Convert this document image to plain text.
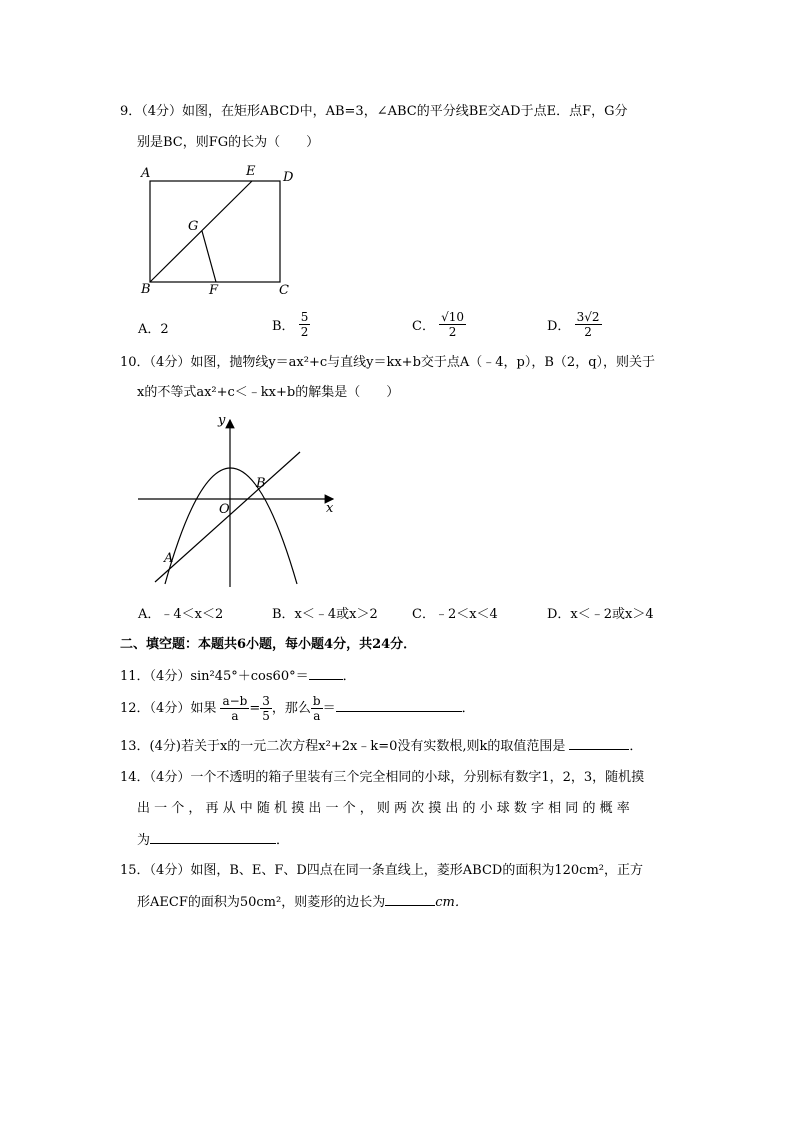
9．（4分）如图，在矩形ABCD中，AB=3，∠ABC的平分线BE交AD于点E．点F，G分
别是BC，则FG的长为（　　）
A	E D
G
B	F	C
A．2	B． $\frac{5}{2}$	C． $\frac{√10}{2}$	D． $\frac{3√2}{2}$
10．（4分）如图，抛物线y＝ax²+c与直线y＝kx+b交于点A（﹣4，p），B（2，q），则关于
x的不等式ax²+c＜﹣kx+b的解集是（　　）
y
x
O
A
B
A．﹣4＜x＜2	B．x＜﹣4或x＞2	C．﹣2＜x＜4	D．x＜﹣2或x＞4
二、填空题：本题共6小题，每小题4分，共24分．
11．（4分）sin²45°＋cos60°＝	．
12．（4分）如果 $\frac{a-b}{a} = \frac{3}{5}$ ，那么 $\frac{b}{a}$ ＝	．
13．(4分)若关于x的一元二次方程x²+2x﹣k=0没有实数根,则k的取值范围是	．
14．（4分）一个不透明的箱子里装有三个完全相同的小球，分别标有数字1，2，3，随机摸
出 一 个 ， 再 从 中 随 机 摸 出 一 个 ， 则 两 次 摸 出 的 小 球 数 字 相 同 的 概 率
为	．
15．（4分）如图，B、E、F、D四点在同一条直线上，菱形ABCD的面积为120cm²，正方
形AECF的面积为50cm²，则菱形的边长为	cm．
